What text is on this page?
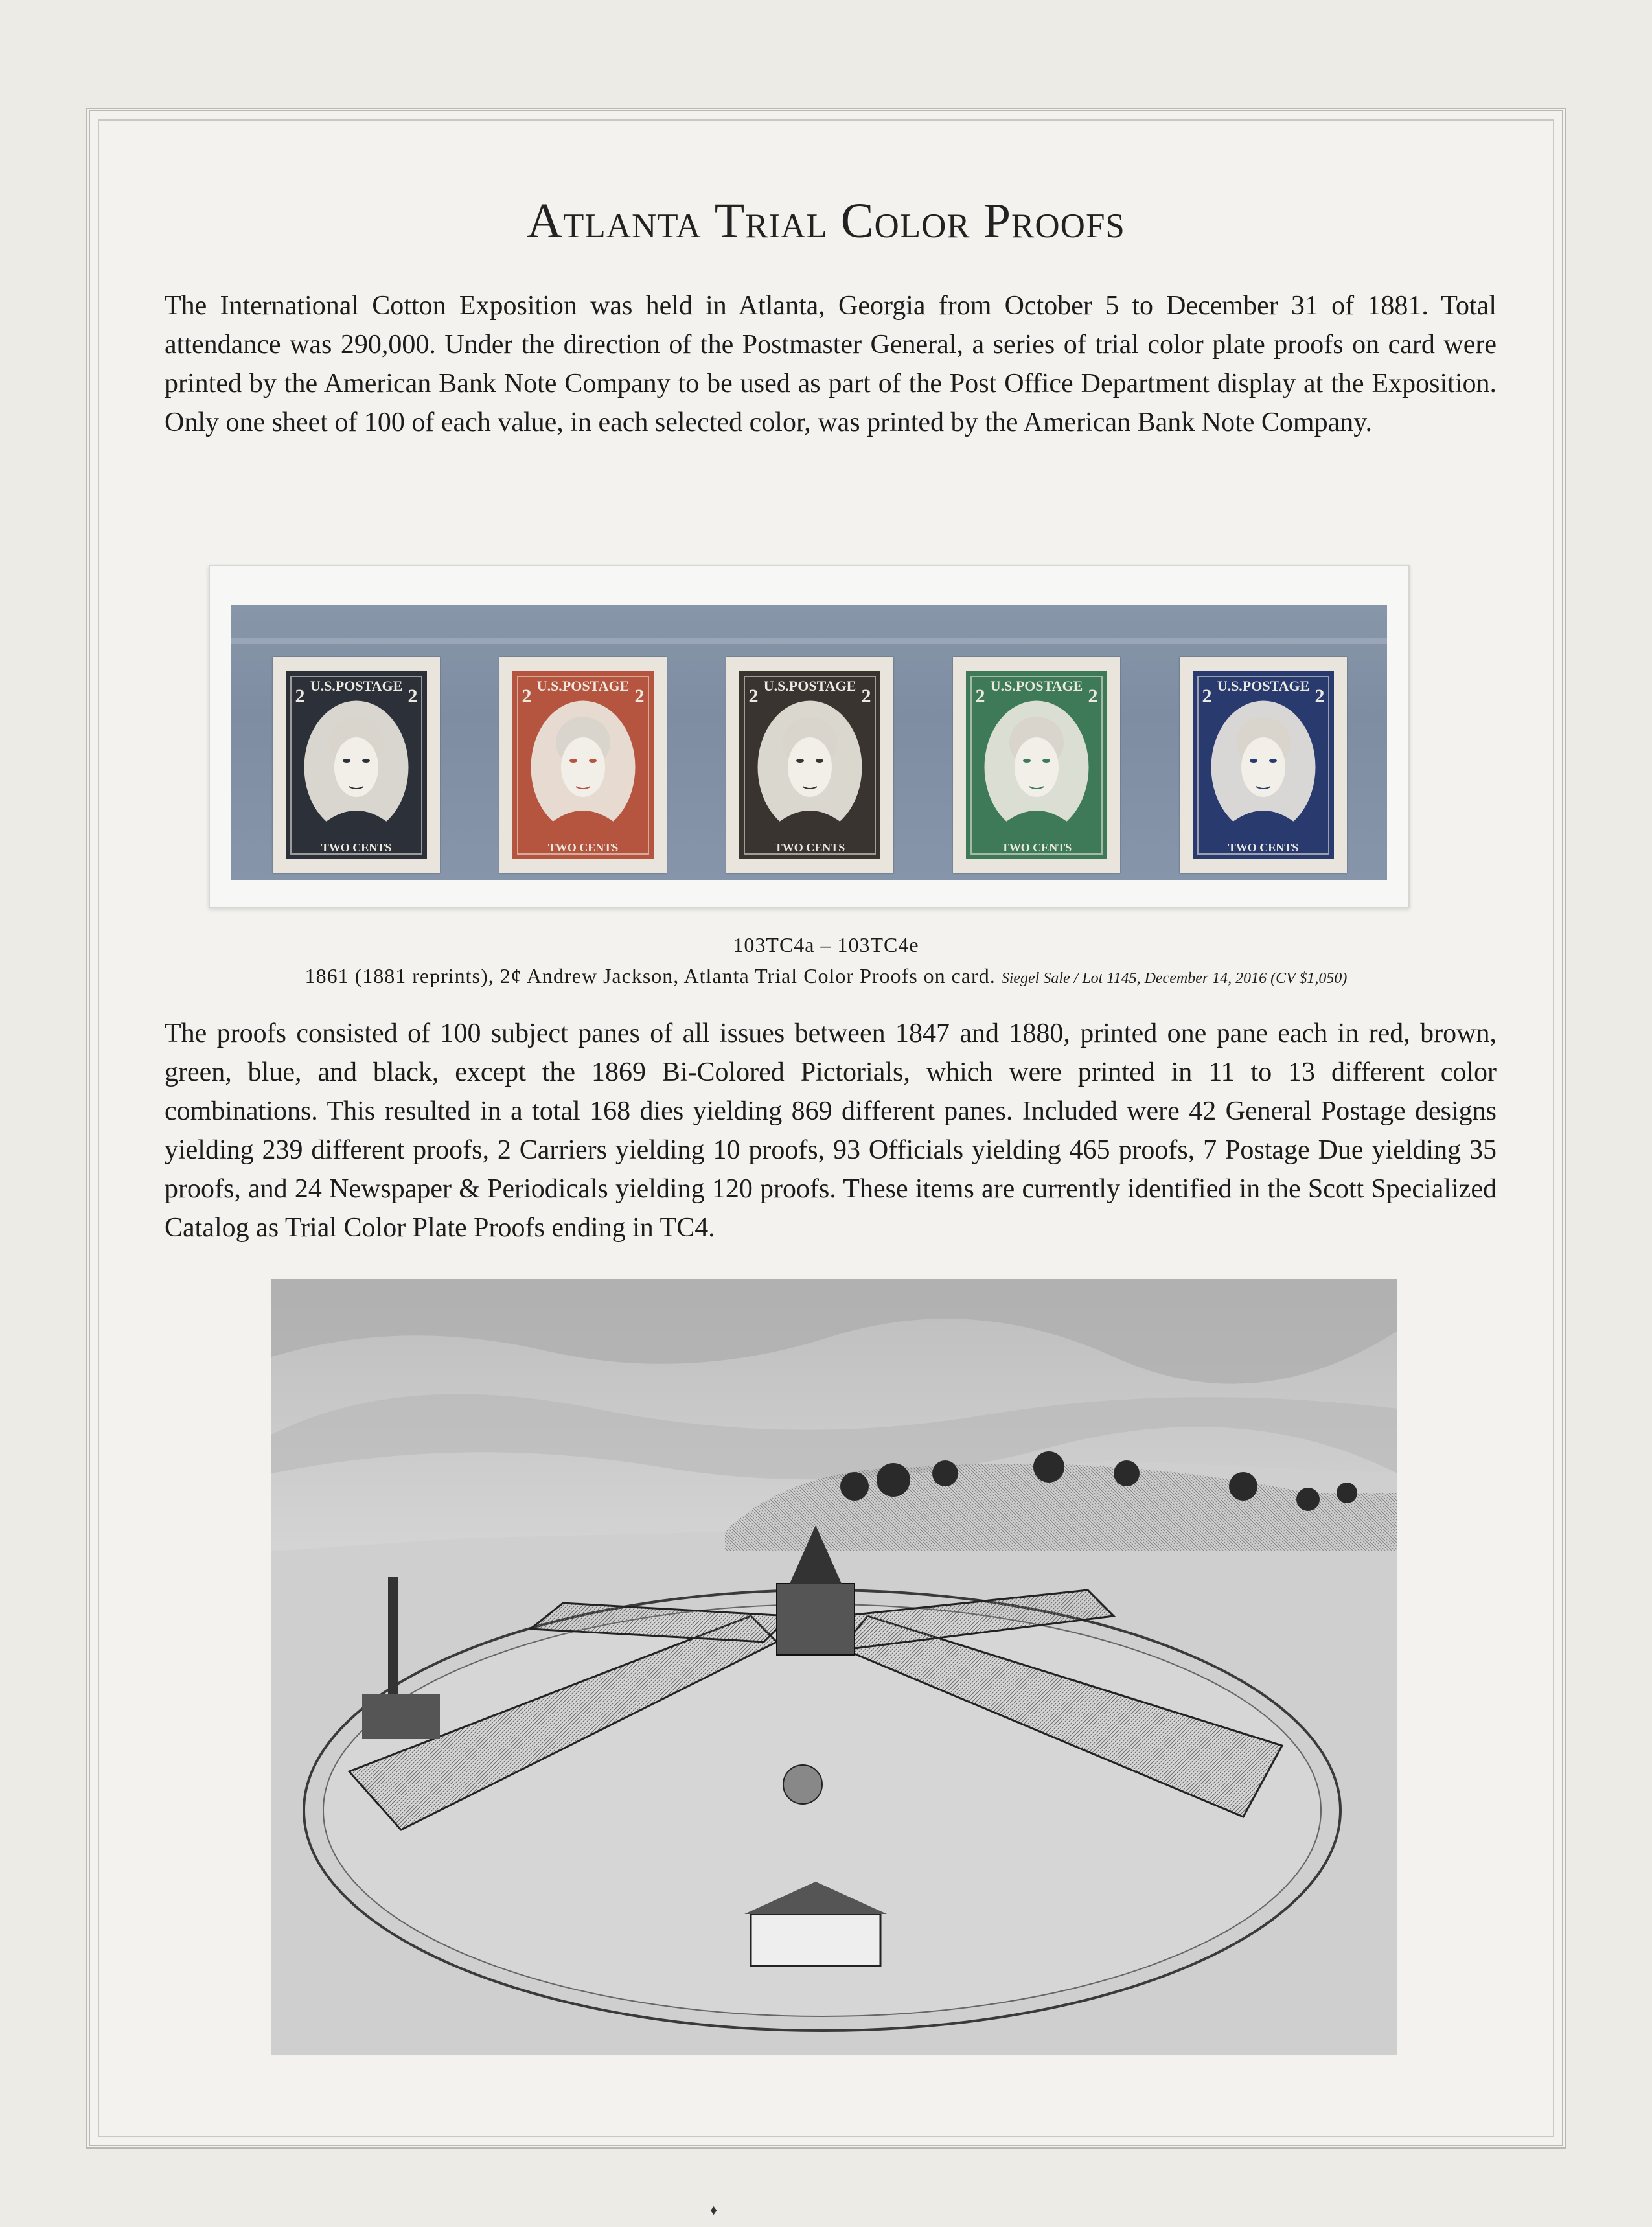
Atlanta Trial Color Proofs

The International Cotton Exposition was held in Atlanta, Georgia from October 5 to December 31 of 1881. Total attendance was 290,000. Under the direction of the Postmaster General, a series of trial color plate proofs on card were printed by the American Bank Note Company to be used as part of the Post Office Department display at the Exposition. Only one sheet of 100 of each value, in each selected color, was printed by the American Bank Note Company.

U.S.POSTAGE
TWO CENTS
2	2	U.S.POSTAGE
TWO CENTS
2	2	U.S.POSTAGE
TWO CENTS
2	2	U.S.POSTAGE
TWO CENTS
2	2	U.S.POSTAGE
TWO CENTS
2	2
103TC4a – 103TC4e
1861 (1881 reprints), 2¢ Andrew Jackson, Atlanta Trial Color Proofs on card. Siegel Sale / Lot 1145, December 14, 2016 (CV $1,050)

The proofs consisted of 100 subject panes of all issues between 1847 and 1880, printed one pane each in red, brown, green, blue, and black, except the 1869 Bi-Colored Pictorials, which were printed in 11 to 13 different color combinations. This resulted in a total 168 dies yielding 869 different panes. Included were 42 General Postage designs yielding 239 different proofs, 2 Carriers yielding 10 proofs, 93 Officials yielding 465 proofs, 7 Postage Due yielding 35 proofs, and 24 Newspaper & Periodicals yielding 120 proofs. These items are currently identified in the Scott Specialized Catalog as Trial Color Plate Proofs ending in TC4.

♦
